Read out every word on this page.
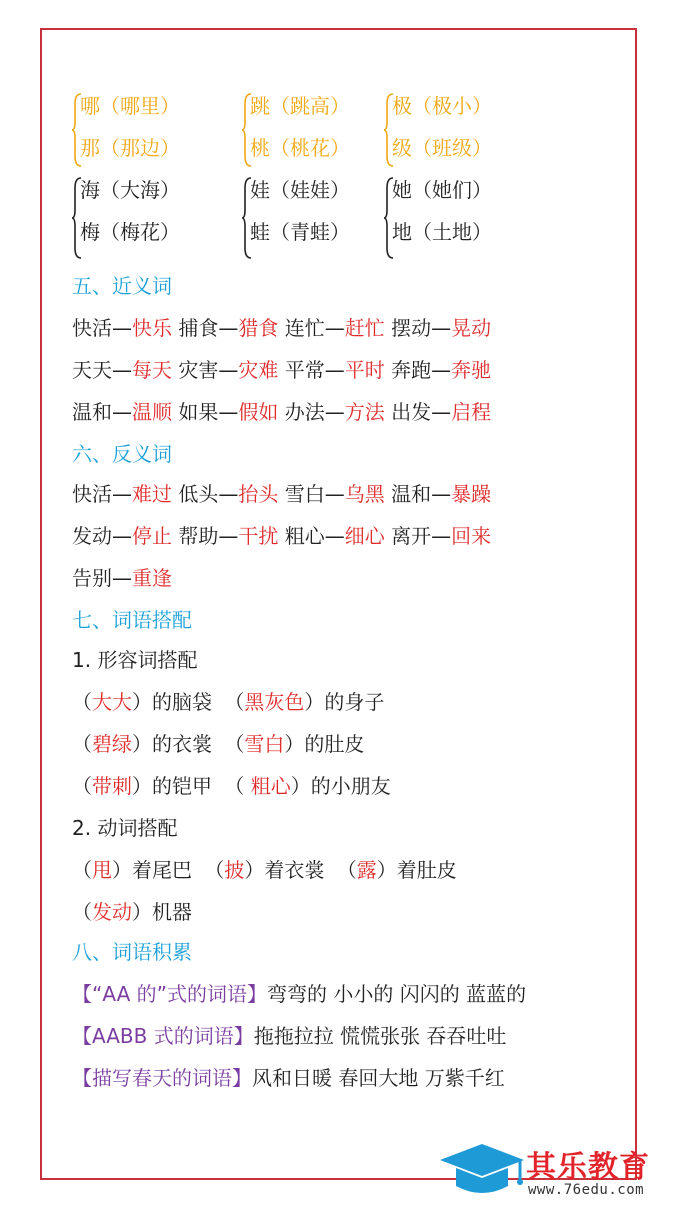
哪（哪里）
那（那边）
海（大海）
梅（梅花）
跳（跳高）
桃（桃花）
娃（娃娃）
蛙（青蛙）
极（极小）
级（班级）
她（她们）
地（土地）
五、近义词
快活—快乐 捕食—猎食 连忙—赶忙 摆动—晃动
天天—每天 灾害—灾难 平常—平时 奔跑—奔驰
温和—温顺 如果—假如 办法—方法 出发—启程
六、反义词
快活—难过 低头—抬头 雪白—乌黑 温和—暴躁
发动—停止 帮助—干扰 粗心—细心 离开—回来
告别—重逢
七、词语搭配
1. 形容词搭配
（大大）的脑袋 （黑灰色）的身子
（碧绿）的衣裳 （雪白）的肚皮
（带刺）的铠甲 （ 粗心）的小朋友
2. 动词搭配
（甩）着尾巴 （披）着衣裳 （露）着肚皮
（发动）机器
八、词语积累
【“AA 的”式的词语】弯弯的 小小的 闪闪的 蓝蓝的
【AABB 式的词语】拖拖拉拉 慌慌张张 吞吞吐吐
【描写春天的词语】风和日暖 春回大地 万紫千红
其乐教育
www.76edu.com
